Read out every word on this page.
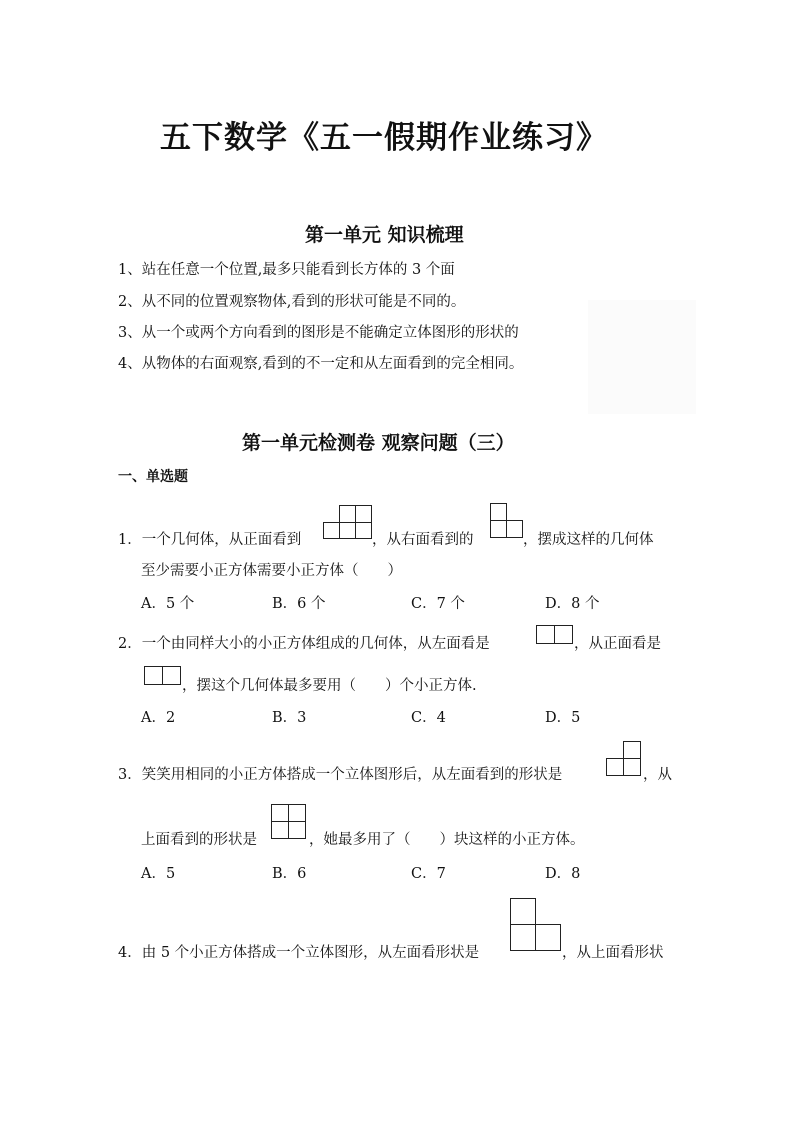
五下数学《五一假期作业练习》
第一单元 知识梳理
1、站在任意一个位置,最多只能看到长方体的 3 个面
2、从不同的位置观察物体,看到的形状可能是不同的。
3、从一个或两个方向看到的图形是不能确定立体图形的形状的
4、从物体的右面观察,看到的不一定和从左面看到的完全相同。
第一单元检测卷 观察问题（三）
一、单选题
1．一个几何体，从正面看到	，从右面看到的	，摆成这样的几何体
至少需要小正方体需要小正方体（　　）
A．5 个	B．6 个	C．7 个	D．8 个
2．一个由同样大小的小正方体组成的几何体，从左面看是	，从正面看是
，摆这个几何体最多要用（　　）个小正方体.
A．2	B．3	C．4	D．5
3．笑笑用相同的小正方体搭成一个立体图形后，从左面看到的形状是	，从
上面看到的形状是	，她最多用了（　　）块这样的小正方体。
A．5	B．6	C．7	D．8
4．由 5 个小正方体搭成一个立体图形，从左面看形状是	，从上面看形状
